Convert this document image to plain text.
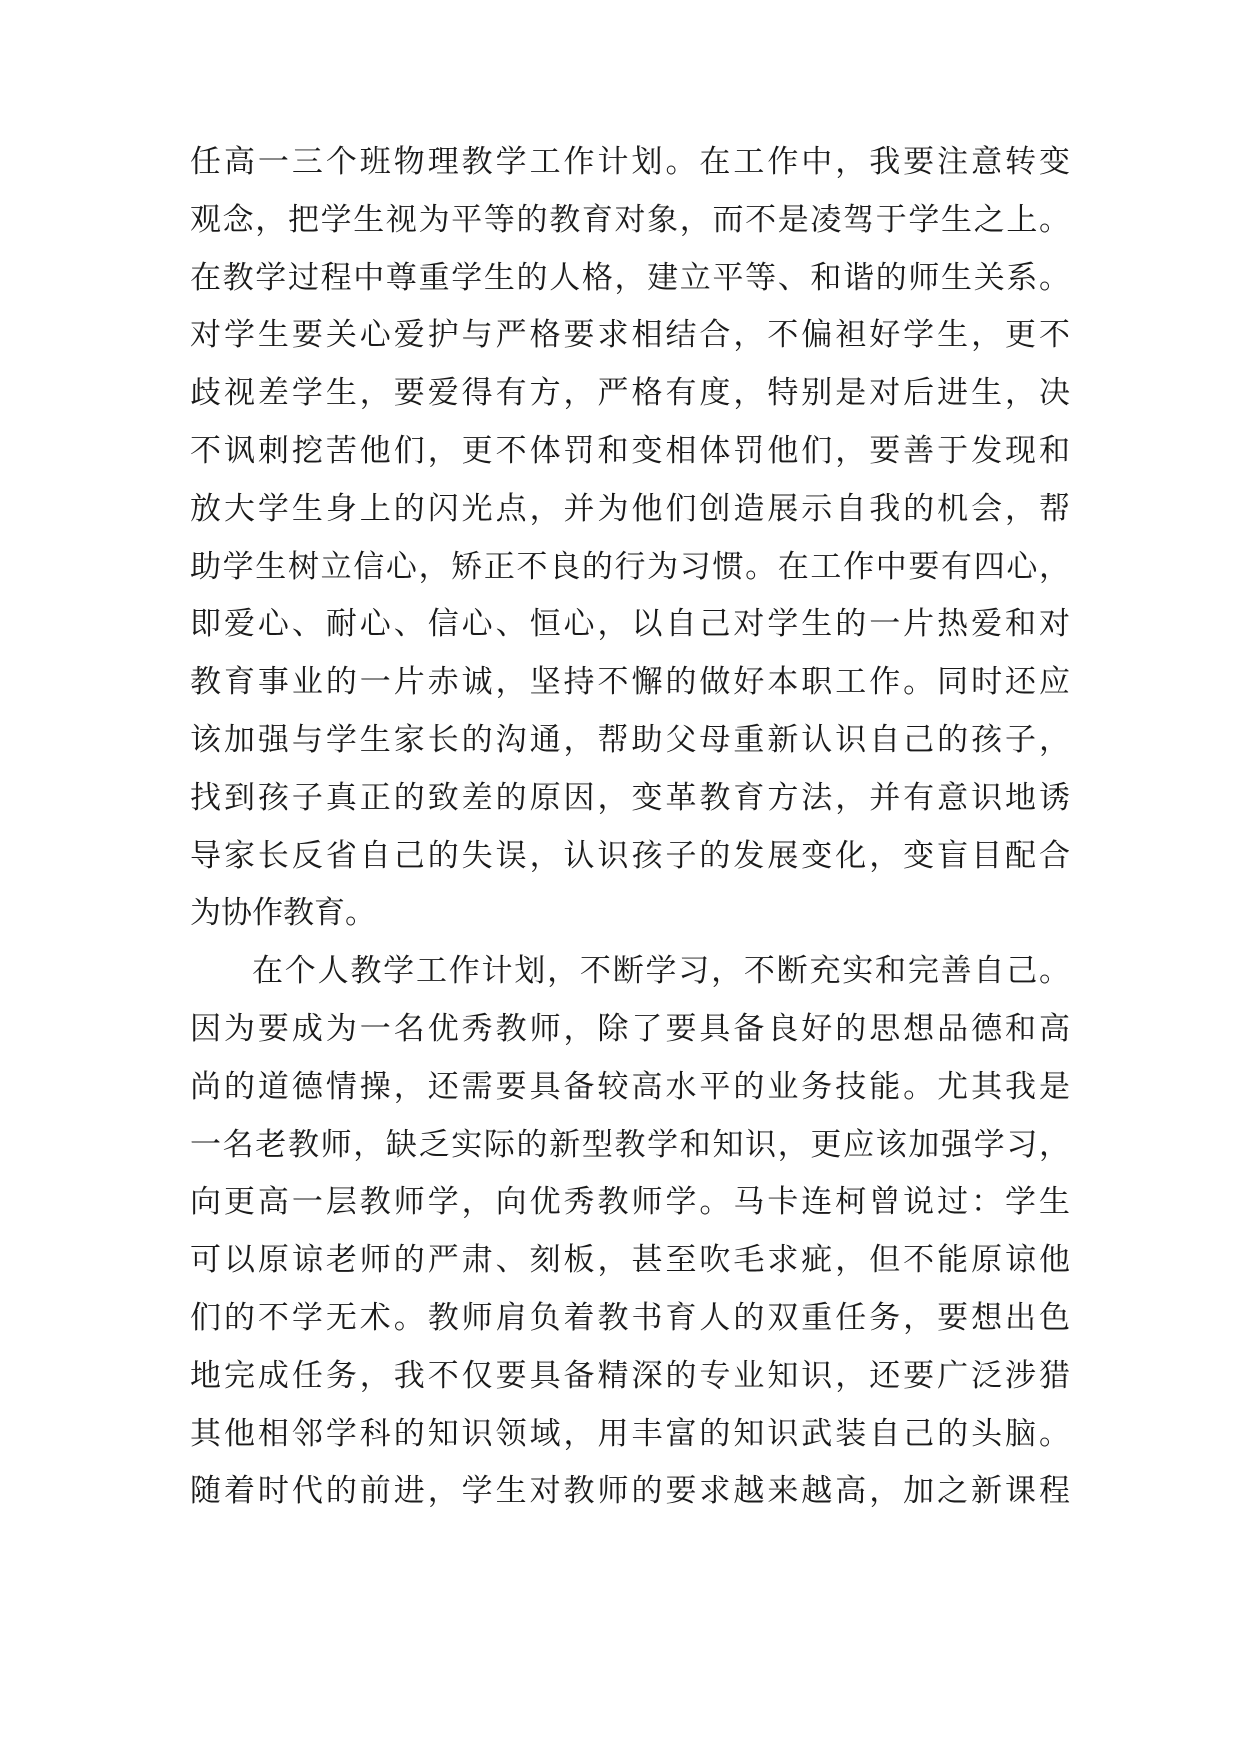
任高一三个班物理教学工作计划。在工作中，我要注意转变
观念，把学生视为平等的教育对象，而不是凌驾于学生之上。
在教学过程中尊重学生的人格，建立平等、和谐的师生关系。
对学生要关心爱护与严格要求相结合，不偏袒好学生，更不
歧视差学生，要爱得有方，严格有度，特别是对后进生，决
不讽刺挖苦他们，更不体罚和变相体罚他们，要善于发现和
放大学生身上的闪光点，并为他们创造展示自我的机会，帮
助学生树立信心，矫正不良的行为习惯。在工作中要有四心，
即爱心、耐心、信心、恒心，以自己对学生的一片热爱和对
教育事业的一片赤诚，坚持不懈的做好本职工作。同时还应
该加强与学生家长的沟通，帮助父母重新认识自己的孩子，
找到孩子真正的致差的原因，变革教育方法，并有意识地诱
导家长反省自己的失误，认识孩子的发展变化，变盲目配合
为协作教育。
在个人教学工作计划，不断学习，不断充实和完善自己。
因为要成为一名优秀教师，除了要具备良好的思想品德和高
尚的道德情操，还需要具备较高水平的业务技能。尤其我是
一名老教师，缺乏实际的新型教学和知识，更应该加强学习，
向更高一层教师学，向优秀教师学。马卡连柯曾说过：学生
可以原谅老师的严肃、刻板，甚至吹毛求疵，但不能原谅他
们的不学无术。教师肩负着教书育人的双重任务，要想出色
地完成任务，我不仅要具备精深的专业知识，还要广泛涉猎
其他相邻学科的知识领域，用丰富的知识武装自己的头脑。
随着时代的前进，学生对教师的要求越来越高，加之新课程
